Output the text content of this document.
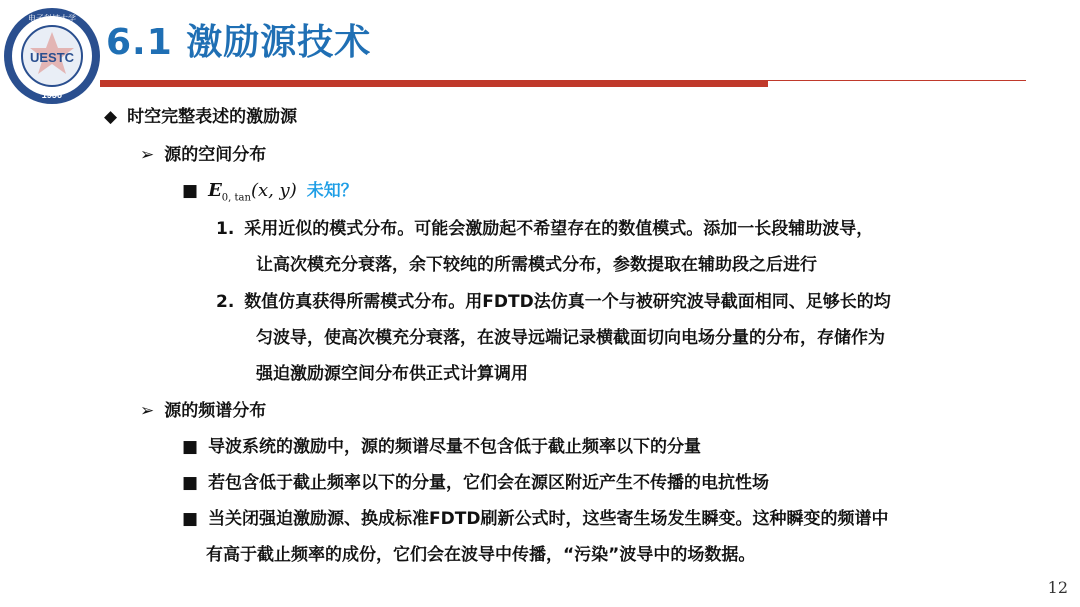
UESTC
1956
电子科技大学
6.1 激励源技术
◆ 时空完整表述的激励源
➢ 源的空间分布
■ $E_{0, tan}(x$, y) 未知？
1. 采用近似的模式分布。可能会激励起不希望存在的数值模式。添加一长段辅助波导，
让高次模充分衰落，余下较纯的所需模式分布，参数提取在辅助段之后进行
2. 数值仿真获得所需模式分布。用FDTD法仿真一个与被研究波导截面相同、足够长的均
匀波导，使高次模充分衰落，在波导远端记录横截面切向电场分量的分布，存储作为
强迫激励源空间分布供正式计算调用
➢ 源的频谱分布
■ 导波系统的激励中，源的频谱尽量不包含低于截止频率以下的分量
■ 若包含低于截止频率以下的分量，它们会在源区附近产生不传播的电抗性场
■ 当关闭强迫激励源、换成标准FDTD刷新公式时，这些寄生场发生瞬变。这种瞬变的频谱中
有高于截止频率的成份，它们会在波导中传播，“污染”波导中的场数据。
12
